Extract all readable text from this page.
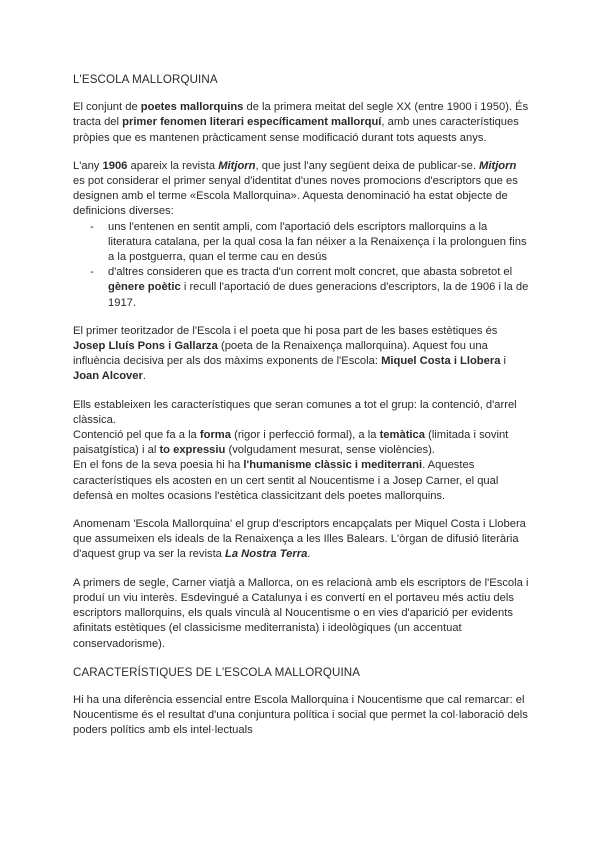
L'ESCOLA MALLORQUINA

El conjunt de poetes mallorquins de la primera meitat del segle XX (entre 1900 i 1950). És tracta del primer fenomen literari específicament mallorquí, amb unes característiques pròpies que es mantenen pràcticament sense modificació durant tots aquests anys.

L'any 1906 apareix la revista Mitjorn, que just l'any següent deixa de publicar-se. Mitjorn es pot considerar el primer senyal d'identitat d'unes noves promocions d'escriptors que es designen amb el terme «Escola Mallorquina». Aquesta denominació ha estat objecte de definicions diverses:

- uns l'entenen en sentit ampli, com l'aportació dels escriptors mallorquins a la literatura catalana, per la qual cosa la fan néixer a la Renaixença i la prolonguen fins a la postguerra, quan el terme cau en desús
- d'altres consideren que es tracta d'un corrent molt concret, que abasta sobretot el gènere poètic i recull l'aportació de dues generacions d'escriptors, la de 1906 i la de 1917.

El primer teoritzador de l'Escola i el poeta que hi posa part de les bases estètiques és Josep Lluís Pons i Gallarza (poeta de la Renaixença mallorquina). Aquest fou una influència decisiva per als dos màxims exponents de l'Escola: Miquel Costa i Llobera i Joan Alcover.

Ells estableixen les característiques que seran comunes a tot el grup: la contenció, d'arrel clàssica.

Contenció pel que fa a la forma (rigor i perfecció formal), a la temàtica (limitada i sovint paisatgística) i al to expressiu (volgudament mesurat, sense violències).

En el fons de la seva poesia hi ha l'humanisme clàssic i mediterrani. Aquestes característiques els acosten en un cert sentit al Noucentisme i a Josep Carner, el qual defensà en moltes ocasions l'estètica classicitzant dels poetes mallorquins.

Anomenam 'Escola Mallorquina' el grup d'escriptors encapçalats per Miquel Costa i Llobera que assumeixen els ideals de la Renaixença a les Illes Balears. L'òrgan de difusió literària d'aquest grup va ser la revista La Nostra Terra.

A primers de segle, Carner viatjà a Mallorca, on es relacionà amb els escriptors de l'Escola i produí un viu interès. Esdevingué a Catalunya i es convertí en el portaveu més actiu dels escriptors mallorquins, els quals vinculà al Noucentisme o en vies d'aparició per evidents afinitats estètiques (el classicisme mediterranista) i ideològiques (un accentuat conservadorisme).

CARACTERÍSTIQUES DE L'ESCOLA MALLORQUINA

Hi ha una diferència essencial entre Escola Mallorquina i Noucentisme que cal remarcar: el Noucentisme és el resultat d'una conjuntura política i social que permet la col·laboració dels poders polítics amb els intel·lectuals
